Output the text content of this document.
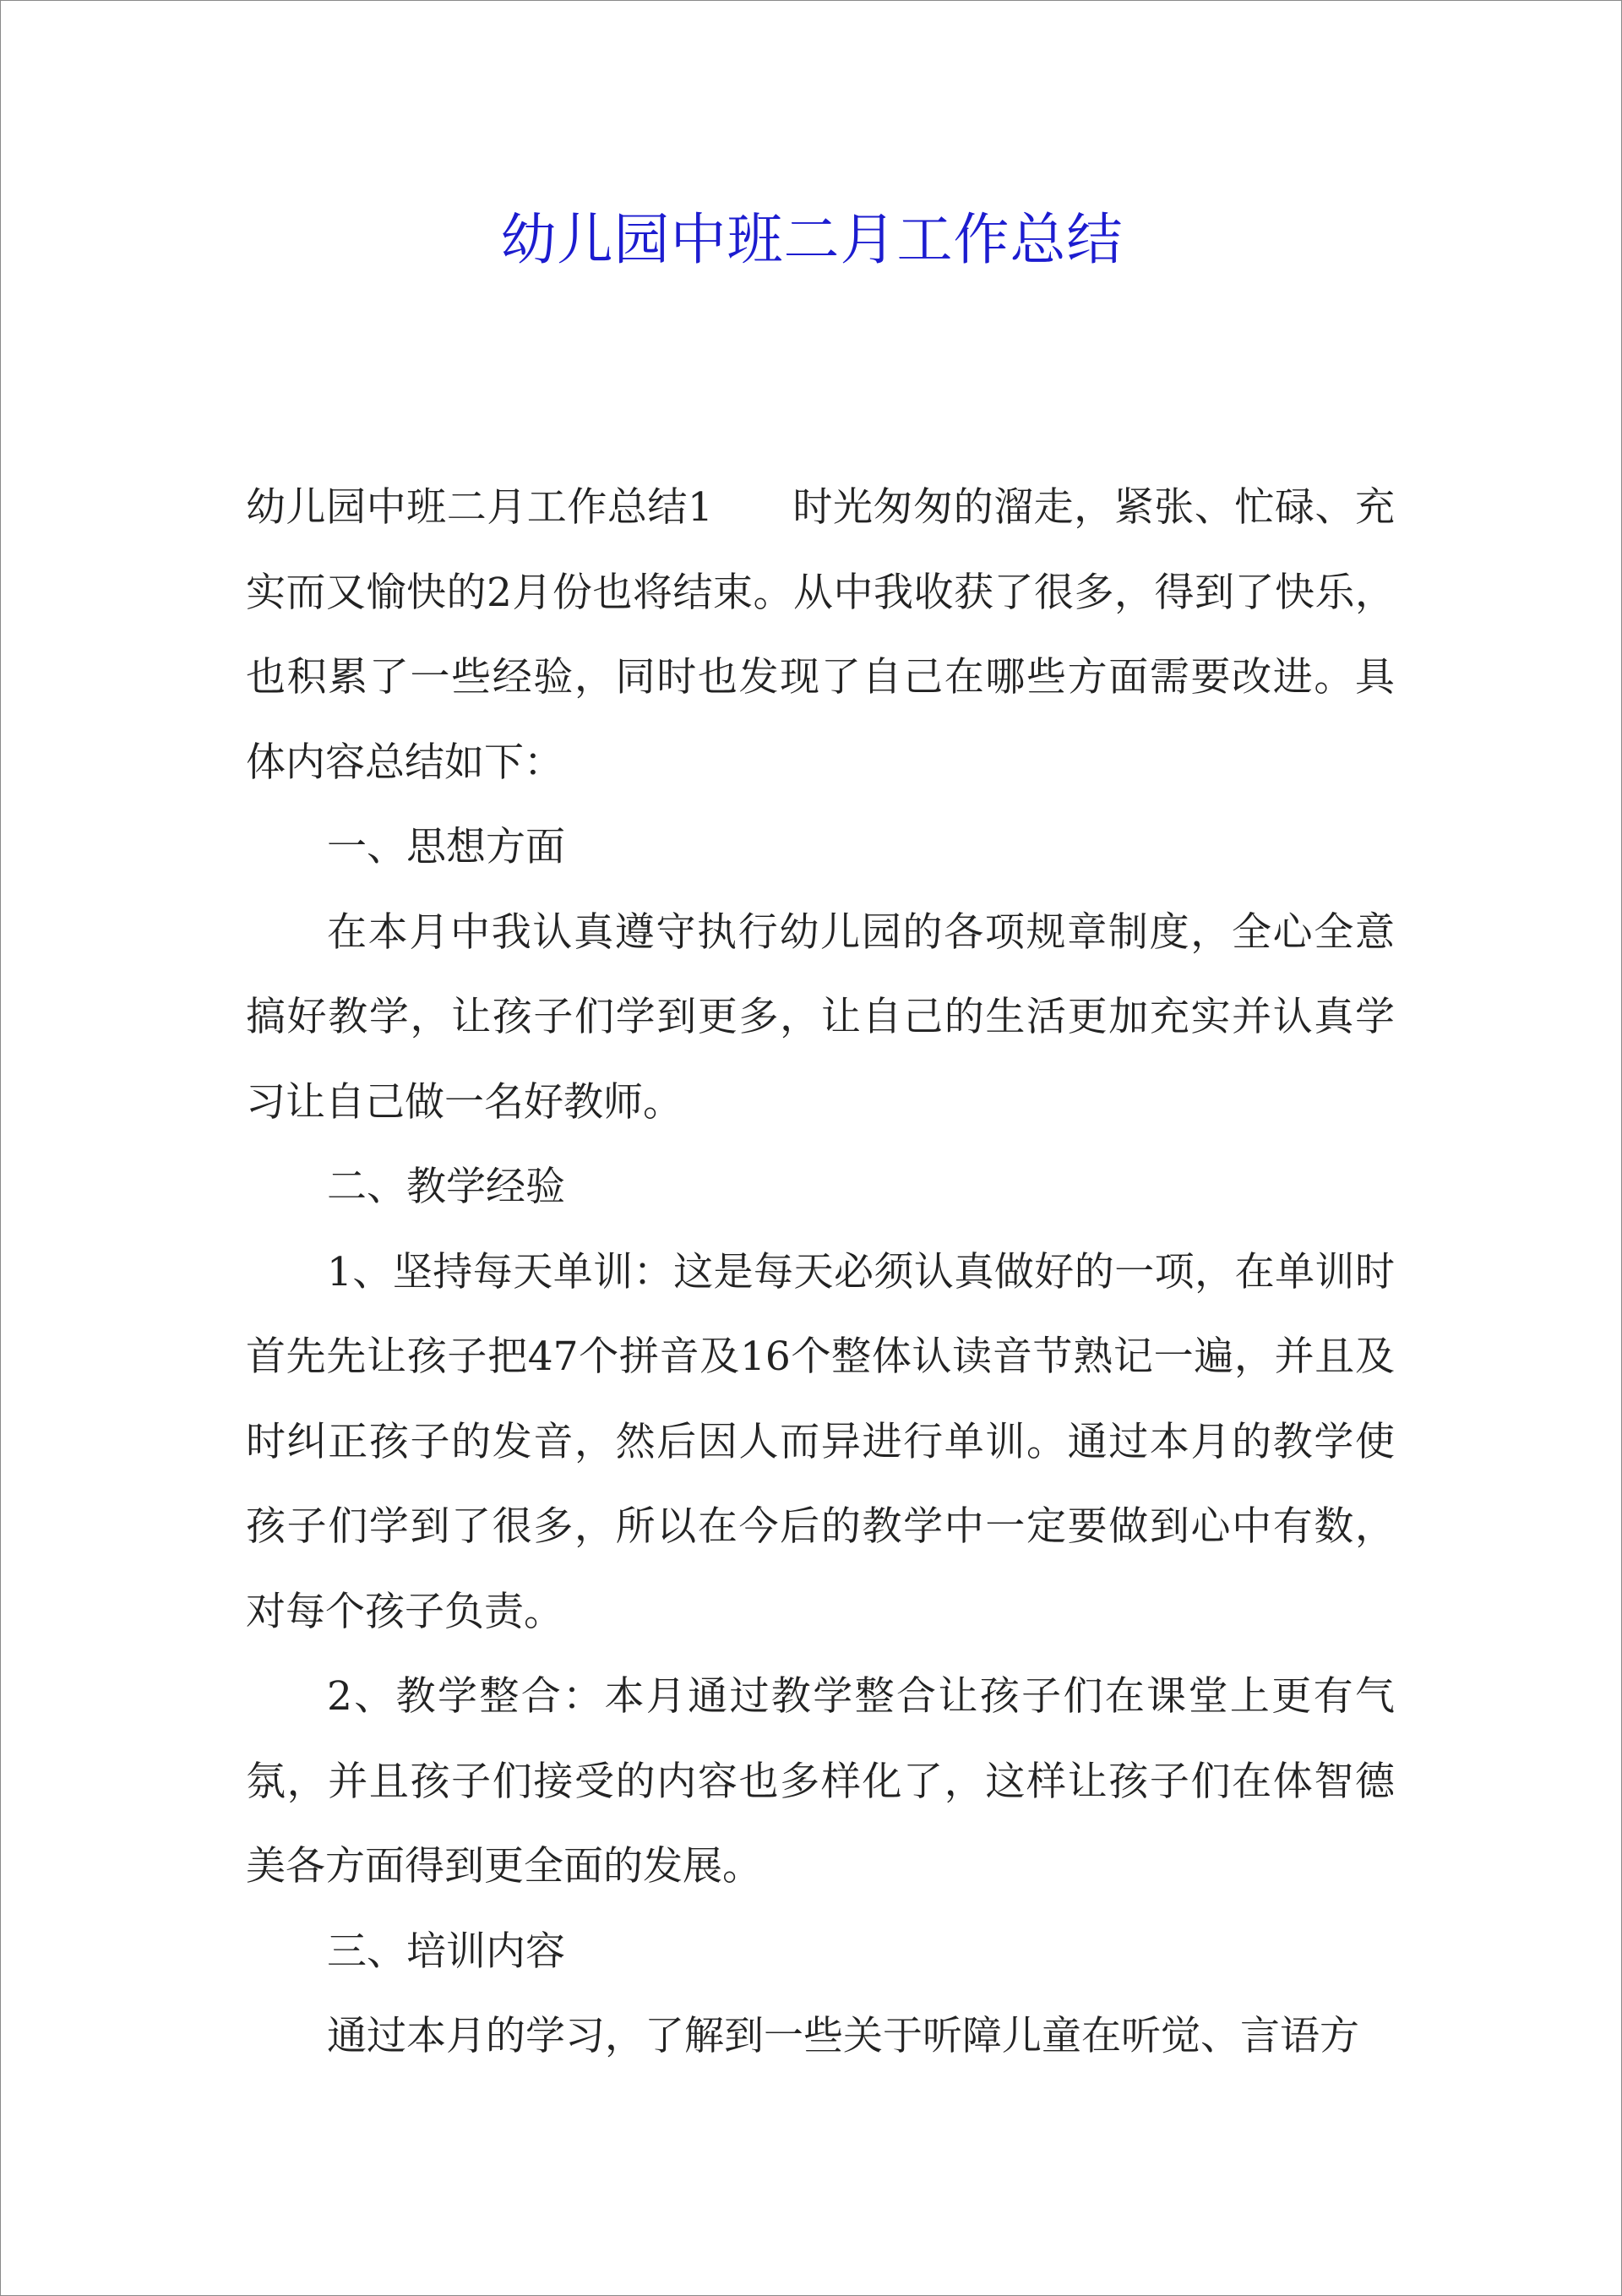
幼儿园中班二月工作总结

幼儿园中班二月工作总结1 时光匆匆的溜走，紧张、忙碌、充实而又愉快的2月份也将结束。从中我收获了很多，得到了快乐，也积累了一些经验，同时也发现了自己在哪些方面需要改进。具体内容总结如下：

一、思想方面

在本月中我认真遵守执行幼儿园的各项规章制度，全心全意搞好教学，让孩子们学到更多，让自己的生活更加充实并认真学习让自己做一名好教师。

二、教学经验

1、坚持每天单训：这是每天必须认真做好的一项，在单训时首先先让孩子把47个拼音及16个整体认读音节熟记一遍，并且及时纠正孩子的发音，然后因人而异进行单训。通过本月的教学使孩子们学到了很多，所以在今后的教学中一定要做到心中有数，对每个孩子负责。

2、教学整合：本月通过教学整合让孩子们在课堂上更有气氛，并且孩子们接受的内容也多样化了，这样让孩子们在体智德美各方面得到更全面的发展。

三、培训内容

通过本月的学习，了解到一些关于听障儿童在听觉、言语方
